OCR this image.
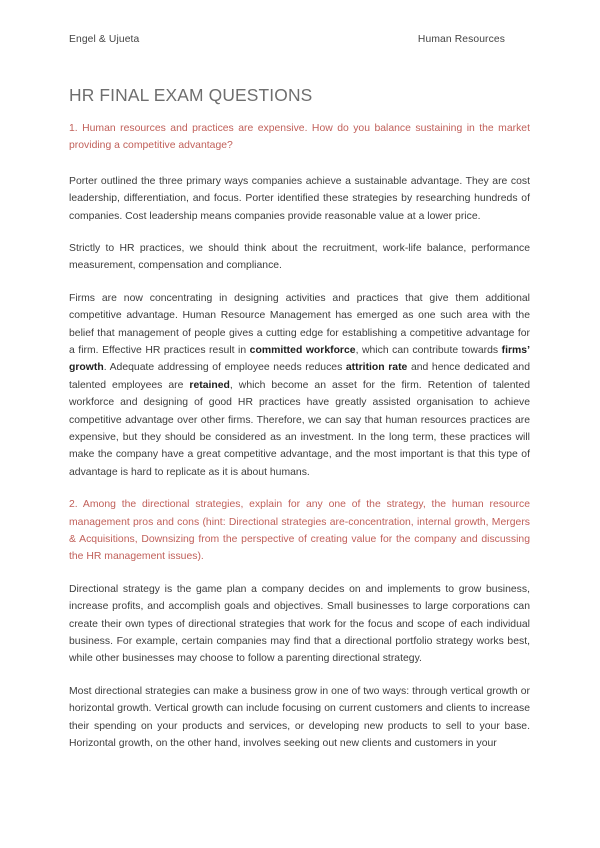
Engel & Ujueta	Human Resources
HR FINAL EXAM QUESTIONS

1. Human resources and practices are expensive. How do you balance sustaining in the market providing a competitive advantage?

Porter outlined the three primary ways companies achieve a sustainable advantage. They are cost leadership, differentiation, and focus. Porter identified these strategies by researching hundreds of companies. Cost leadership means companies provide reasonable value at a lower price.

Strictly to HR practices, we should think about the recruitment, work-life balance, performance measurement, compensation and compliance.

Firms are now concentrating in designing activities and practices that give them additional competitive advantage. Human Resource Management has emerged as one such area with the belief that management of people gives a cutting edge for establishing a competitive advantage for a firm. Effective HR practices result in committed workforce, which can contribute towards firms’ growth. Adequate addressing of employee needs reduces attrition rate and hence dedicated and talented employees are retained, which become an asset for the firm. Retention of talented workforce and designing of good HR practices have greatly assisted organisation to achieve competitive advantage over other firms. Therefore, we can say that human resources practices are expensive, but they should be considered as an investment. In the long term, these practices will make the company have a great competitive advantage, and the most important is that this type of advantage is hard to replicate as it is about humans.

2. Among the directional strategies, explain for any one of the strategy, the human resource management pros and cons (hint: Directional strategies are-concentration, internal growth, Mergers & Acquisitions, Downsizing from the perspective of creating value for the company and discussing the HR management issues).

Directional strategy is the game plan a company decides on and implements to grow business, increase profits, and accomplish goals and objectives. Small businesses to large corporations can create their own types of directional strategies that work for the focus and scope of each individual business. For example, certain companies may find that a directional portfolio strategy works best, while other businesses may choose to follow a parenting directional strategy.

Most directional strategies can make a business grow in one of two ways: through vertical growth or horizontal growth. Vertical growth can include focusing on current customers and clients to increase their spending on your products and services, or developing new products to sell to your base. Horizontal growth, on the other hand, involves seeking out new clients and customers in your
